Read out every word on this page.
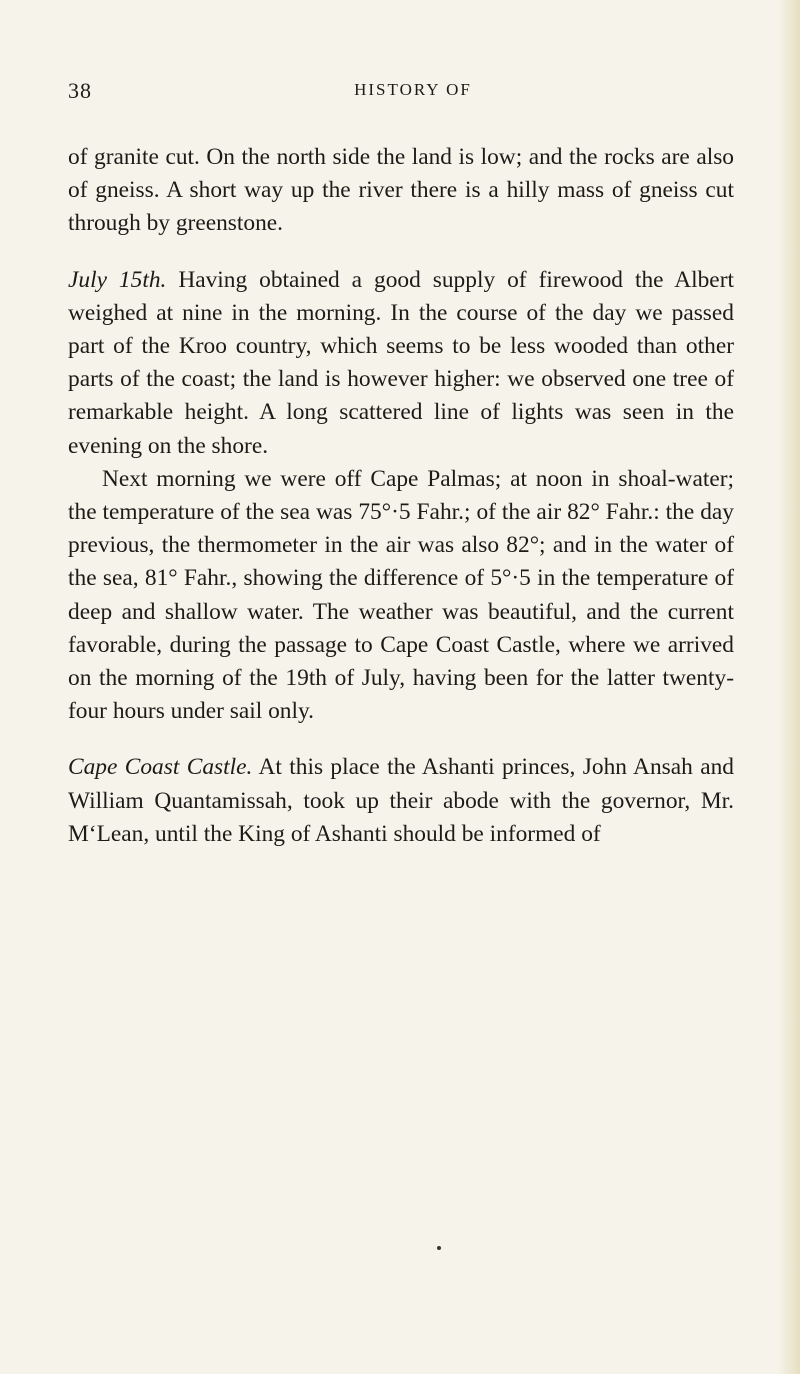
38	HISTORY OF

of granite cut. On the north side the land is low; and the rocks are also of gneiss. A short way up the river there is a hilly mass of gneiss cut through by greenstone.

July 15th. Having obtained a good supply of firewood the Albert weighed at nine in the morning. In the course of the day we passed part of the Kroo country, which seems to be less wooded than other parts of the coast; the land is however higher: we observed one tree of remarkable height. A long scattered line of lights was seen in the evening on the shore.

Next morning we were off Cape Palmas; at noon in shoal-water; the temperature of the sea was 75°·5 Fahr.; of the air 82° Fahr.: the day previous, the thermometer in the air was also 82°; and in the water of the sea, 81° Fahr., showing the difference of 5°·5 in the temperature of deep and shallow water. The weather was beautiful, and the current favorable, during the passage to Cape Coast Castle, where we arrived on the morning of the 19th of July, having been for the latter twenty-four hours under sail only.

Cape Coast Castle. At this place the Ashanti princes, John Ansah and William Quantamissah, took up their abode with the governor, Mr. M‘Lean, until the King of Ashanti should be informed of
